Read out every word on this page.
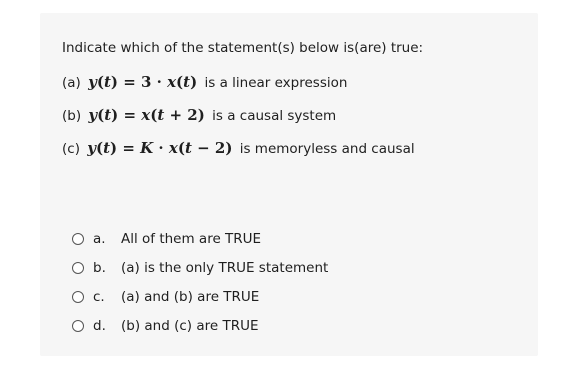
Indicate which of the statement(s) below is(are) true:
(a) y(t) = 3 · x(t) is a linear expression
(b) y(t) = x(t + 2) is a causal system
(c) y(t) = K · x(t − 2) is memoryless and causal
a.	All of them are TRUE
b.	(a) is the only TRUE statement
c.	(a) and (b) are TRUE
d.	(b) and (c) are TRUE
